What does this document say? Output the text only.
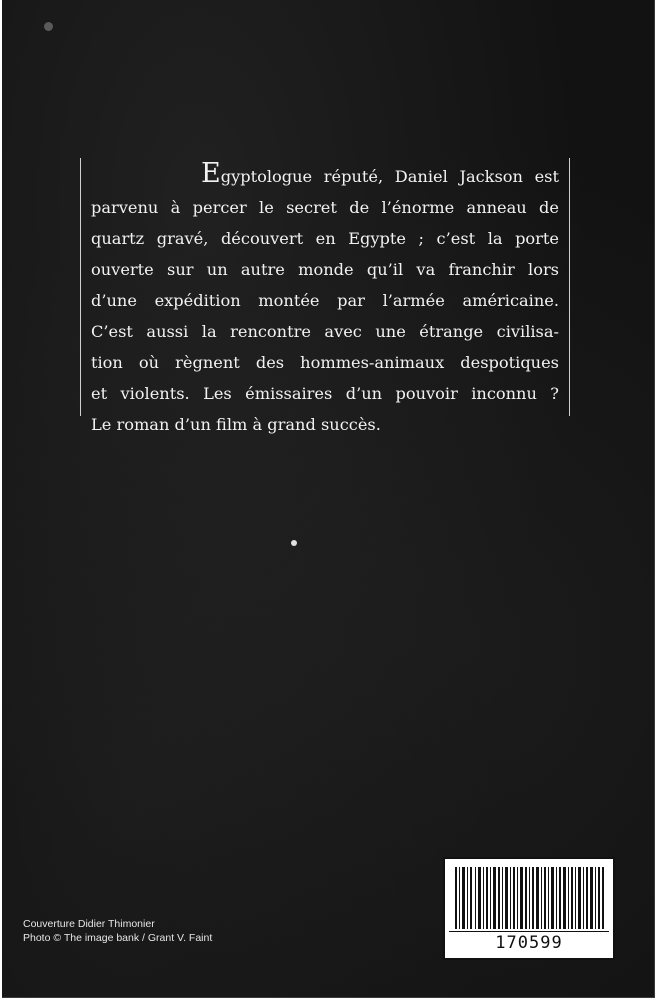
Egyptologue réputé, Daniel Jackson est
parvenu à percer le secret de l’énorme anneau de
quartz gravé, découvert en Egypte ; c’est la porte
ouverte sur un autre monde qu’il va franchir lors
d’une expédition montée par l’armée américaine.
C’est aussi la rencontre avec une étrange civilisa-
tion où règnent des hommes-animaux despotiques
et violents. Les émissaires d’un pouvoir inconnu ?
Le roman d’un film à grand succès.
Couverture Didier Thimonier
Photo © The image bank / Grant V. Faint	170599
